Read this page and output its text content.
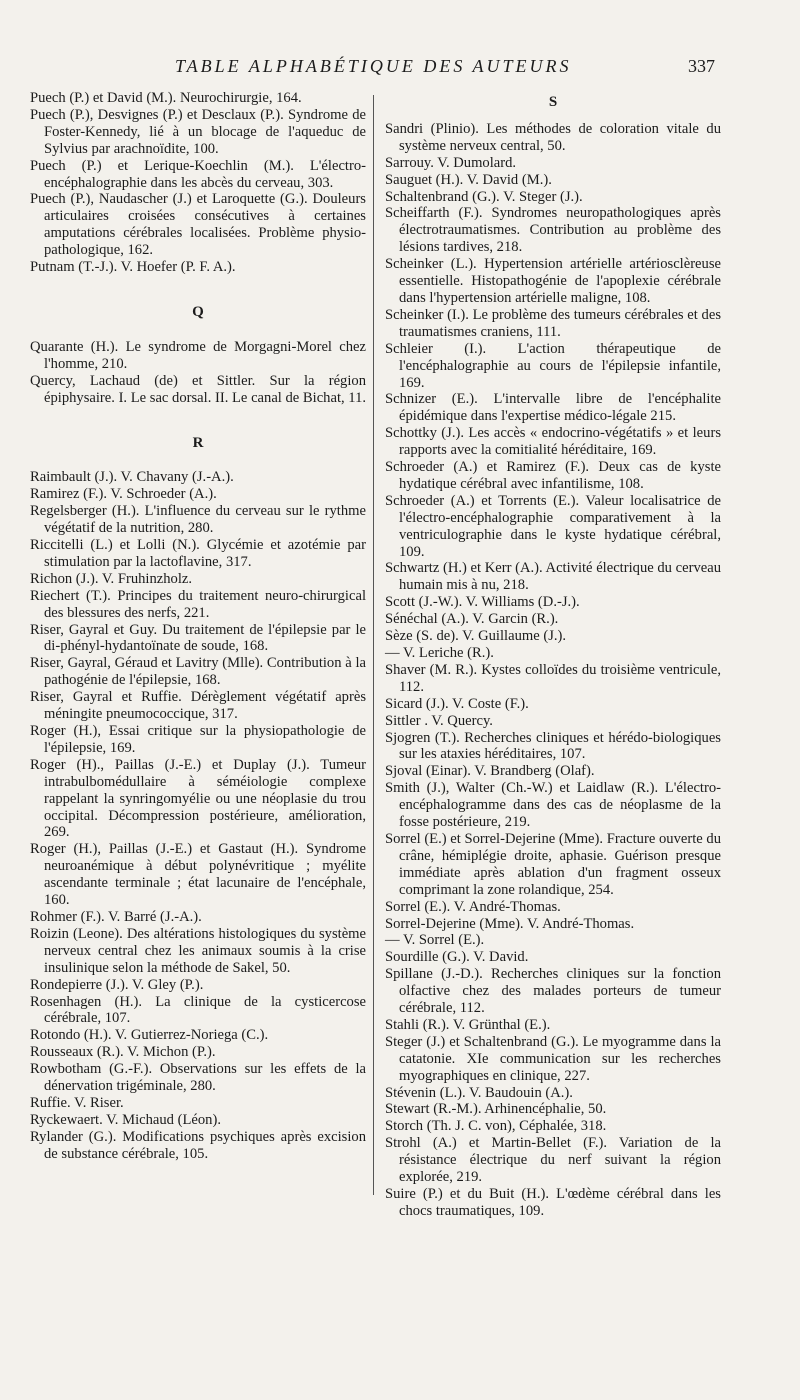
TABLE ALPHABÉTIQUE DES AUTEURS	337

Puech (P.) et David (M.). Neurochirurgie, 164.

Puech (P.), Desvignes (P.) et Desclaux (P.). Syndrome de Foster-Kennedy, lié à un blocage de l'aqueduc de Sylvius par arachnoïdite, 100.

Puech (P.) et Lerique-Koechlin (M.). L'électro-encéphalographie dans les abcès du cerveau, 303.

Puech (P.), Naudascher (J.) et Laroquette (G.). Douleurs articulaires croisées consécutives à certaines amputations cérébrales localisées. Problème physio-pathologique, 162.

Putnam (T.-J.). V. Hoefer (P. F. A.).

Q

Quarante (H.). Le syndrome de Morgagni-Morel chez l'homme, 210.

Quercy, Lachaud (de) et Sittler. Sur la région épiphysaire. I. Le sac dorsal. II. Le canal de Bichat, 11.

R

Raimbault (J.). V. Chavany (J.-A.).

Ramirez (F.). V. Schroeder (A.).

Regelsberger (H.). L'influence du cerveau sur le rythme végétatif de la nutrition, 280.

Riccitelli (L.) et Lolli (N.). Glycémie et azotémie par stimulation par la lactoflavine, 317.

Richon (J.). V. Fruhinzholz.

Riechert (T.). Principes du traitement neuro-chirurgical des blessures des nerfs, 221.

Riser, Gayral et Guy. Du traitement de l'épilepsie par le di-phényl-hydantoïnate de soude, 168.

Riser, Gayral, Géraud et Lavitry (Mlle). Contribution à la pathogénie de l'épilepsie, 168.

Riser, Gayral et Ruffie. Dérèglement végétatif après méningite pneumococcique, 317.

Roger (H.), Essai critique sur la physiopathologie de l'épilepsie, 169.

Roger (H)., Paillas (J.-E.) et Duplay (J.). Tumeur intrabulbomédullaire à séméiologie complexe rappelant la synringomyélie ou une néoplasie du trou occipital. Décompression postérieure, amélioration, 269.

Roger (H.), Paillas (J.-E.) et Gastaut (H.). Syndrome neuroanémique à début polynévritique ; myélite ascendante terminale ; état lacunaire de l'encéphale, 160.

Rohmer (F.). V. Barré (J.-A.).

Roizin (Leone). Des altérations histologiques du système nerveux central chez les animaux soumis à la crise insulinique selon la méthode de Sakel, 50.

Rondepierre (J.). V. Gley (P.).

Rosenhagen (H.). La clinique de la cysticercose cérébrale, 107.

Rotondo (H.). V. Gutierrez-Noriega (C.).

Rousseaux (R.). V. Michon (P.).

Rowbotham (G.-F.). Observations sur les effets de la dénervation trigéminale, 280.

Ruffie. V. Riser.

Ryckewaert. V. Michaud (Léon).

Rylander (G.). Modifications psychiques après excision de substance cérébrale, 105.

S

Sandri (Plinio). Les méthodes de coloration vitale du système nerveux central, 50.

Sarrouy. V. Dumolard.

Sauguet (H.). V. David (M.).

Schaltenbrand (G.). V. Steger (J.).

Scheiffarth (F.). Syndromes neuropathologiques après électrotraumatismes. Contribution au problème des lésions tardives, 218.

Scheinker (L.). Hypertension artérielle artériosclèreuse essentielle. Histopathogénie de l'apoplexie cérébrale dans l'hypertension artérielle maligne, 108.

Scheinker (I.). Le problème des tumeurs cérébrales et des traumatismes craniens, 111.

Schleier (I.). L'action thérapeutique de l'encéphalographie au cours de l'épilepsie infantile, 169.

Schnizer (E.). L'intervalle libre de l'encéphalite épidémique dans l'expertise médico-légale 215.

Schottky (J.). Les accès « endocrino-végétatifs » et leurs rapports avec la comitialité héréditaire, 169.

Schroeder (A.) et Ramirez (F.). Deux cas de kyste hydatique cérébral avec infantilisme, 108.

Schroeder (A.) et Torrents (E.). Valeur localisatrice de l'électro-encéphalographie comparativement à la ventriculographie dans le kyste hydatique cérébral, 109.

Schwartz (H.) et Kerr (A.). Activité électrique du cerveau humain mis à nu, 218.

Scott (J.-W.). V. Williams (D.-J.).

Sénéchal (A.). V. Garcin (R.).

Sèze (S. de). V. Guillaume (J.).

— V. Leriche (R.).

Shaver (M. R.). Kystes colloïdes du troisième ventricule, 112.

Sicard (J.). V. Coste (F.).

Sittler . V. Quercy.

Sjogren (T.). Recherches cliniques et hérédo-biologiques sur les ataxies héréditaires, 107.

Sjoval (Einar). V. Brandberg (Olaf).

Smith (J.), Walter (Ch.-W.) et Laidlaw (R.). L'électro-encéphalogramme dans des cas de néoplasme de la fosse postérieure, 219.

Sorrel (E.) et Sorrel-Dejerine (Mme). Fracture ouverte du crâne, hémiplégie droite, aphasie. Guérison presque immédiate après ablation d'un fragment osseux comprimant la zone rolandique, 254.

Sorrel (E.). V. André-Thomas.

Sorrel-Dejerine (Mme). V. André-Thomas.

— V. Sorrel (E.).

Sourdille (G.). V. David.

Spillane (J.-D.). Recherches cliniques sur la fonction olfactive chez des malades porteurs de tumeur cérébrale, 112.

Stahli (R.). V. Grünthal (E.).

Steger (J.) et Schaltenbrand (G.). Le myogramme dans la catatonie. XIe communication sur les recherches myographiques en clinique, 227.

Stévenin (L.). V. Baudouin (A.).

Stewart (R.-M.). Arhinencéphalie, 50.

Storch (Th. J. C. von), Céphalée, 318.

Strohl (A.) et Martin-Bellet (F.). Variation de la résistance électrique du nerf suivant la région explorée, 219.

Suire (P.) et du Buit (H.). L'œdème cérébral dans les chocs traumatiques, 109.
